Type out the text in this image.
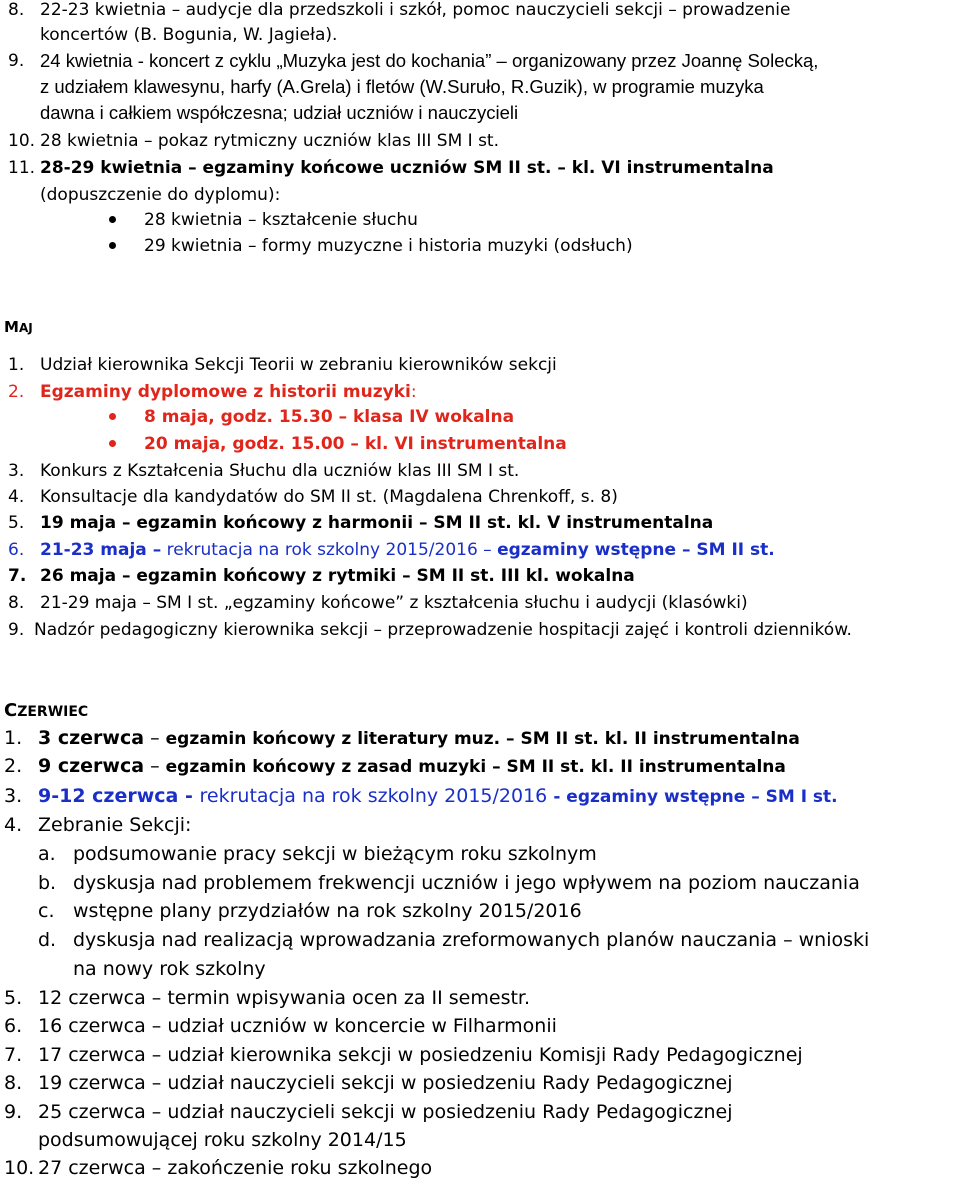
8. 22-23 kwietnia – audycje dla przedszkoli i szkół, pomoc nauczycieli sekcji – prowadzenie
koncertów (B. Bogunia, W. Jagieła).
9. 24 kwietnia - koncert z cyklu „Muzyka jest do kochania” – organizowany przez Joannę Solecką,
z udziałem klawesynu, harfy (A.Grela) i fletów (W.Suruło, R.Guzik), w programie muzyka
dawna i całkiem współczesna; udział uczniów i nauczycieli
10. 28 kwietnia – pokaz rytmiczny uczniów klas III SM I st.
11. 28-29 kwietnia – egzaminy końcowe uczniów SM II st. – kl. VI instrumentalna
(dopuszczenie do dyplomu):
28 kwietnia – kształcenie słuchu
29 kwietnia – formy muzyczne i historia muzyki (odsłuch)
MAJ
1. Udział kierownika Sekcji Teorii w zebraniu kierowników sekcji
2. Egzaminy dyplomowe z historii muzyki:
8 maja, godz. 15.30 – klasa IV wokalna
20 maja, godz. 15.00 – kl. VI instrumentalna
3. Konkurs z Kształcenia Słuchu dla uczniów klas III SM I st.
4. Konsultacje dla kandydatów do SM II st. (Magdalena Chrenkoff, s. 8)
5. 19 maja – egzamin końcowy z harmonii – SM II st. kl. V instrumentalna
6. 21-23 maja – rekrutacja na rok szkolny 2015/2016 – egzaminy wstępne – SM II st.
7. 26 maja – egzamin końcowy z rytmiki – SM II st. III kl. wokalna
8. 21-29 maja – SM I st. „egzaminy końcowe” z kształcenia słuchu i audycji (klasówki)
9. Nadzór pedagogiczny kierownika sekcji – przeprowadzenie hospitacji zajęć i kontroli dzienników.
CZERWIEC
1. 3 czerwca – egzamin końcowy z literatury muz. – SM II st. kl. II instrumentalna
2. 9 czerwca – egzamin końcowy z zasad muzyki – SM II st. kl. II instrumentalna
3. 9-12 czerwca - rekrutacja na rok szkolny 2015/2016 - egzaminy wstępne – SM I st.
4. Zebranie Sekcji:
a. podsumowanie pracy sekcji w bieżącym roku szkolnym
b. dyskusja nad problemem frekwencji uczniów i jego wpływem na poziom nauczania
c. wstępne plany przydziałów na rok szkolny 2015/2016
d. dyskusja nad realizacją wprowadzania zreformowanych planów nauczania – wnioski
na nowy rok szkolny
5. 12 czerwca – termin wpisywania ocen za II semestr.
6. 16 czerwca – udział uczniów w koncercie w Filharmonii
7. 17 czerwca – udział kierownika sekcji w posiedzeniu Komisji Rady Pedagogicznej
8. 19 czerwca – udział nauczycieli sekcji w posiedzeniu Rady Pedagogicznej
9. 25 czerwca – udział nauczycieli sekcji w posiedzeniu Rady Pedagogicznej
podsumowującej roku szkolny 2014/15
10. 27 czerwca – zakończenie roku szkolnego
